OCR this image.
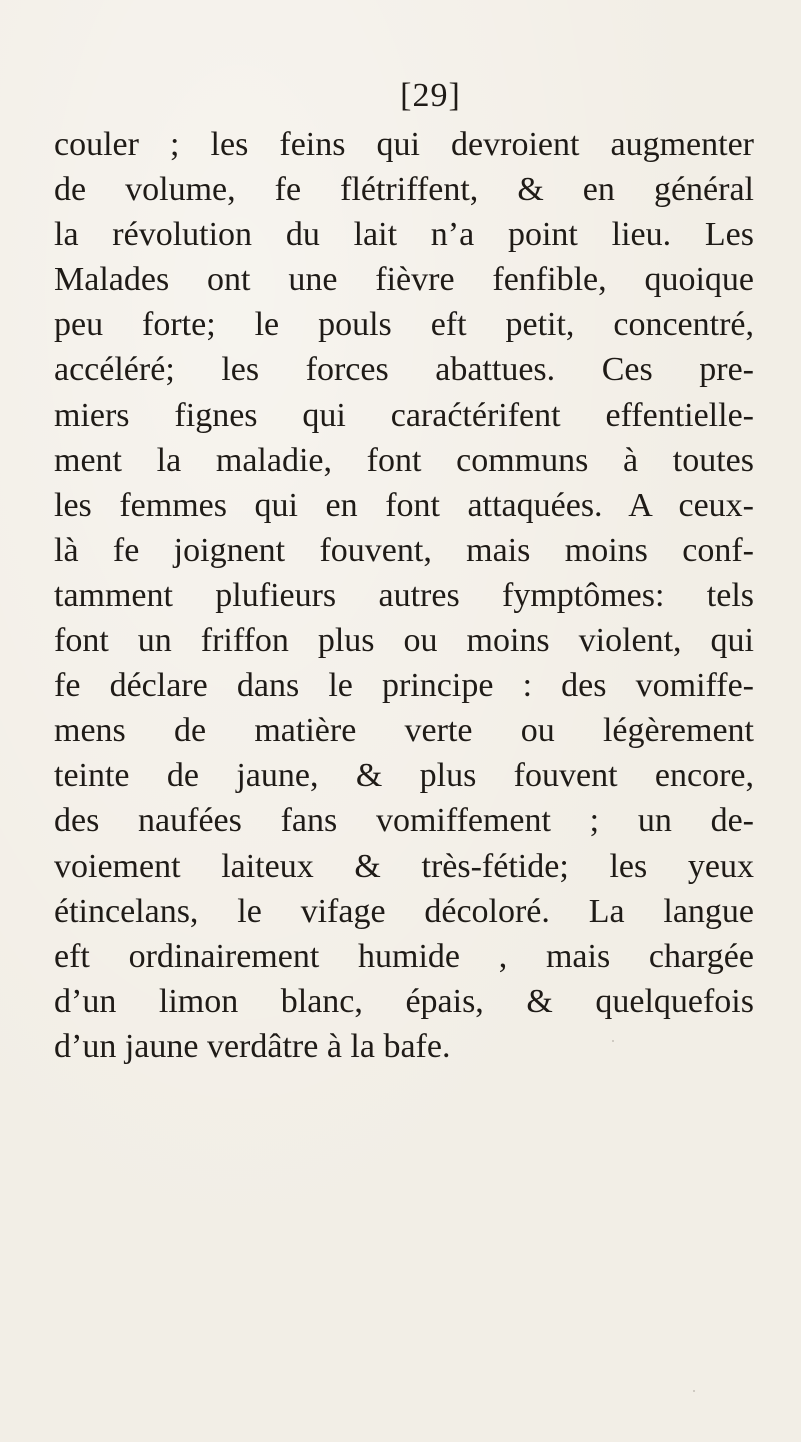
[29]
couler ; les feins qui devroient augmenter
de volume, fe flétriffent, & en général
la révolution du lait n’a point lieu. Les
Malades ont une fièvre fenfible, quoique
peu forte; le pouls eft petit, concentré,
accéléré; les forces abattues. Ces pre-
miers fignes qui caraćtérifent effentielle-
ment la maladie, font communs à toutes
les femmes qui en font attaquées. A ceux-
là fe joignent fouvent, mais moins conf-
tamment plufieurs autres fymptômes: tels
font un friffon plus ou moins violent, qui
fe déclare dans le principe : des vomiffe-
mens de matière verte ou légèrement
teinte de jaune, & plus fouvent encore,
des naufées fans vomiffement ; un de-
voiement laiteux & très-fétide; les yeux
étincelans, le vifage décoloré. La langue
eft ordinairement humide , mais chargée
d’un limon blanc, épais, & quelquefois
d’un jaune verdâtre à la bafe.
